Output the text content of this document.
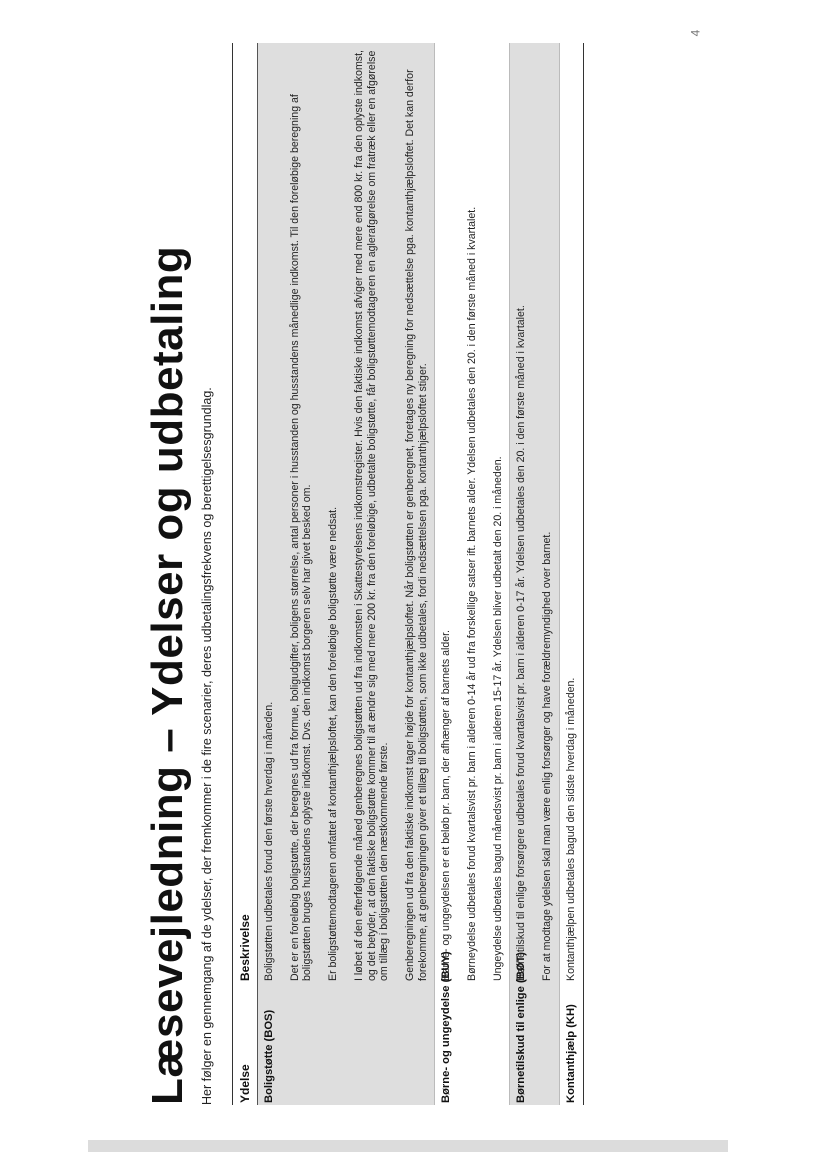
4
Læsevejledning – Ydelser og udbetaling Her følger en gennemgang af de ydelser, der fremkommer i de fire scenarier, deres udbetalingsfrekvens og berettigelsesgrundlag. Ydelse
Beskrivelse
Boligstøtte (BOS)

Boligstøtten udbetales forud den første hverdag i måneden. Det er en foreløbig boligstøtte, der beregnes ud fra formue, boligudgifter, boligens størrelse, antal personer i husstanden og husstandens månedlige indkomst. Til den foreløbige beregning af boligstøtten bruges husstandens oplyste indkomst. Dvs. den indkomst borgeren selv har givet besked om. Er boligstøttemodtageren omfattet af kontanthjælpsloftet, kan den foreløbige boligstøtte være nedsat. I løbet af den efterfølgende måned genberegnes boligstøtten ud fra indkomsten i Skattestyrelsens indkomstregister. Hvis den faktiske indkomst afviger med mere end 800 kr. fra den oplyste indkomst, og det betyder, at den faktiske boligstøtte kommer til at ændre sig med mere 200 kr. fra den foreløbige, udbetalte boligstøtte, får boligstøttemodtageren en aglerafgørelse om fratræk eller en afgørelse om tillæg i boligstøtten den næstkommende første. Genberegningen ud fra den faktiske indkomst tager højde for kontanthjælpsloftet. Når boligstøtten er genberegnet, foretages ny beregning for nedsættelse pga. kontanthjælpsloftet. Det kan derfor forekomme, at genberegningen giver et tillæg til boligstøtten, som ikke udbetales, fordi nedsættelsen pga. kontanthjælpsloftet stiger.

Børne- og ungeydelse (BUY)

Børne- og ungeydelsen er et beløb pr. barn, der afhænger af barnets alder. Børneydelse udbetales forud kvartalsvist pr. barn i alderen 0-14 år ud fra forskellige satser ift. barnets alder. Ydelsen udbetales den 20. i den første måned i kvartalet. Ungeydelse udbetales bagud månedsvist pr. barn i alderen 15-17 år. Ydelsen bliver udbetalt den 20. i måneden.

Børnetilskud til enlige (BØT)

Børnetilskud til enlige forsørgere udbetales forud kvartalsvist pr. barn i alderen 0-17 år. Ydelsen udbetales den 20. i den første måned i kvartalet. For at modtage ydelsen skal man være enlig forsørger og have forældremyndighed over barnet.

Kontanthjælp (KH)

Kontanthjælpen udbetales bagud den sidste hverdag i måneden.
